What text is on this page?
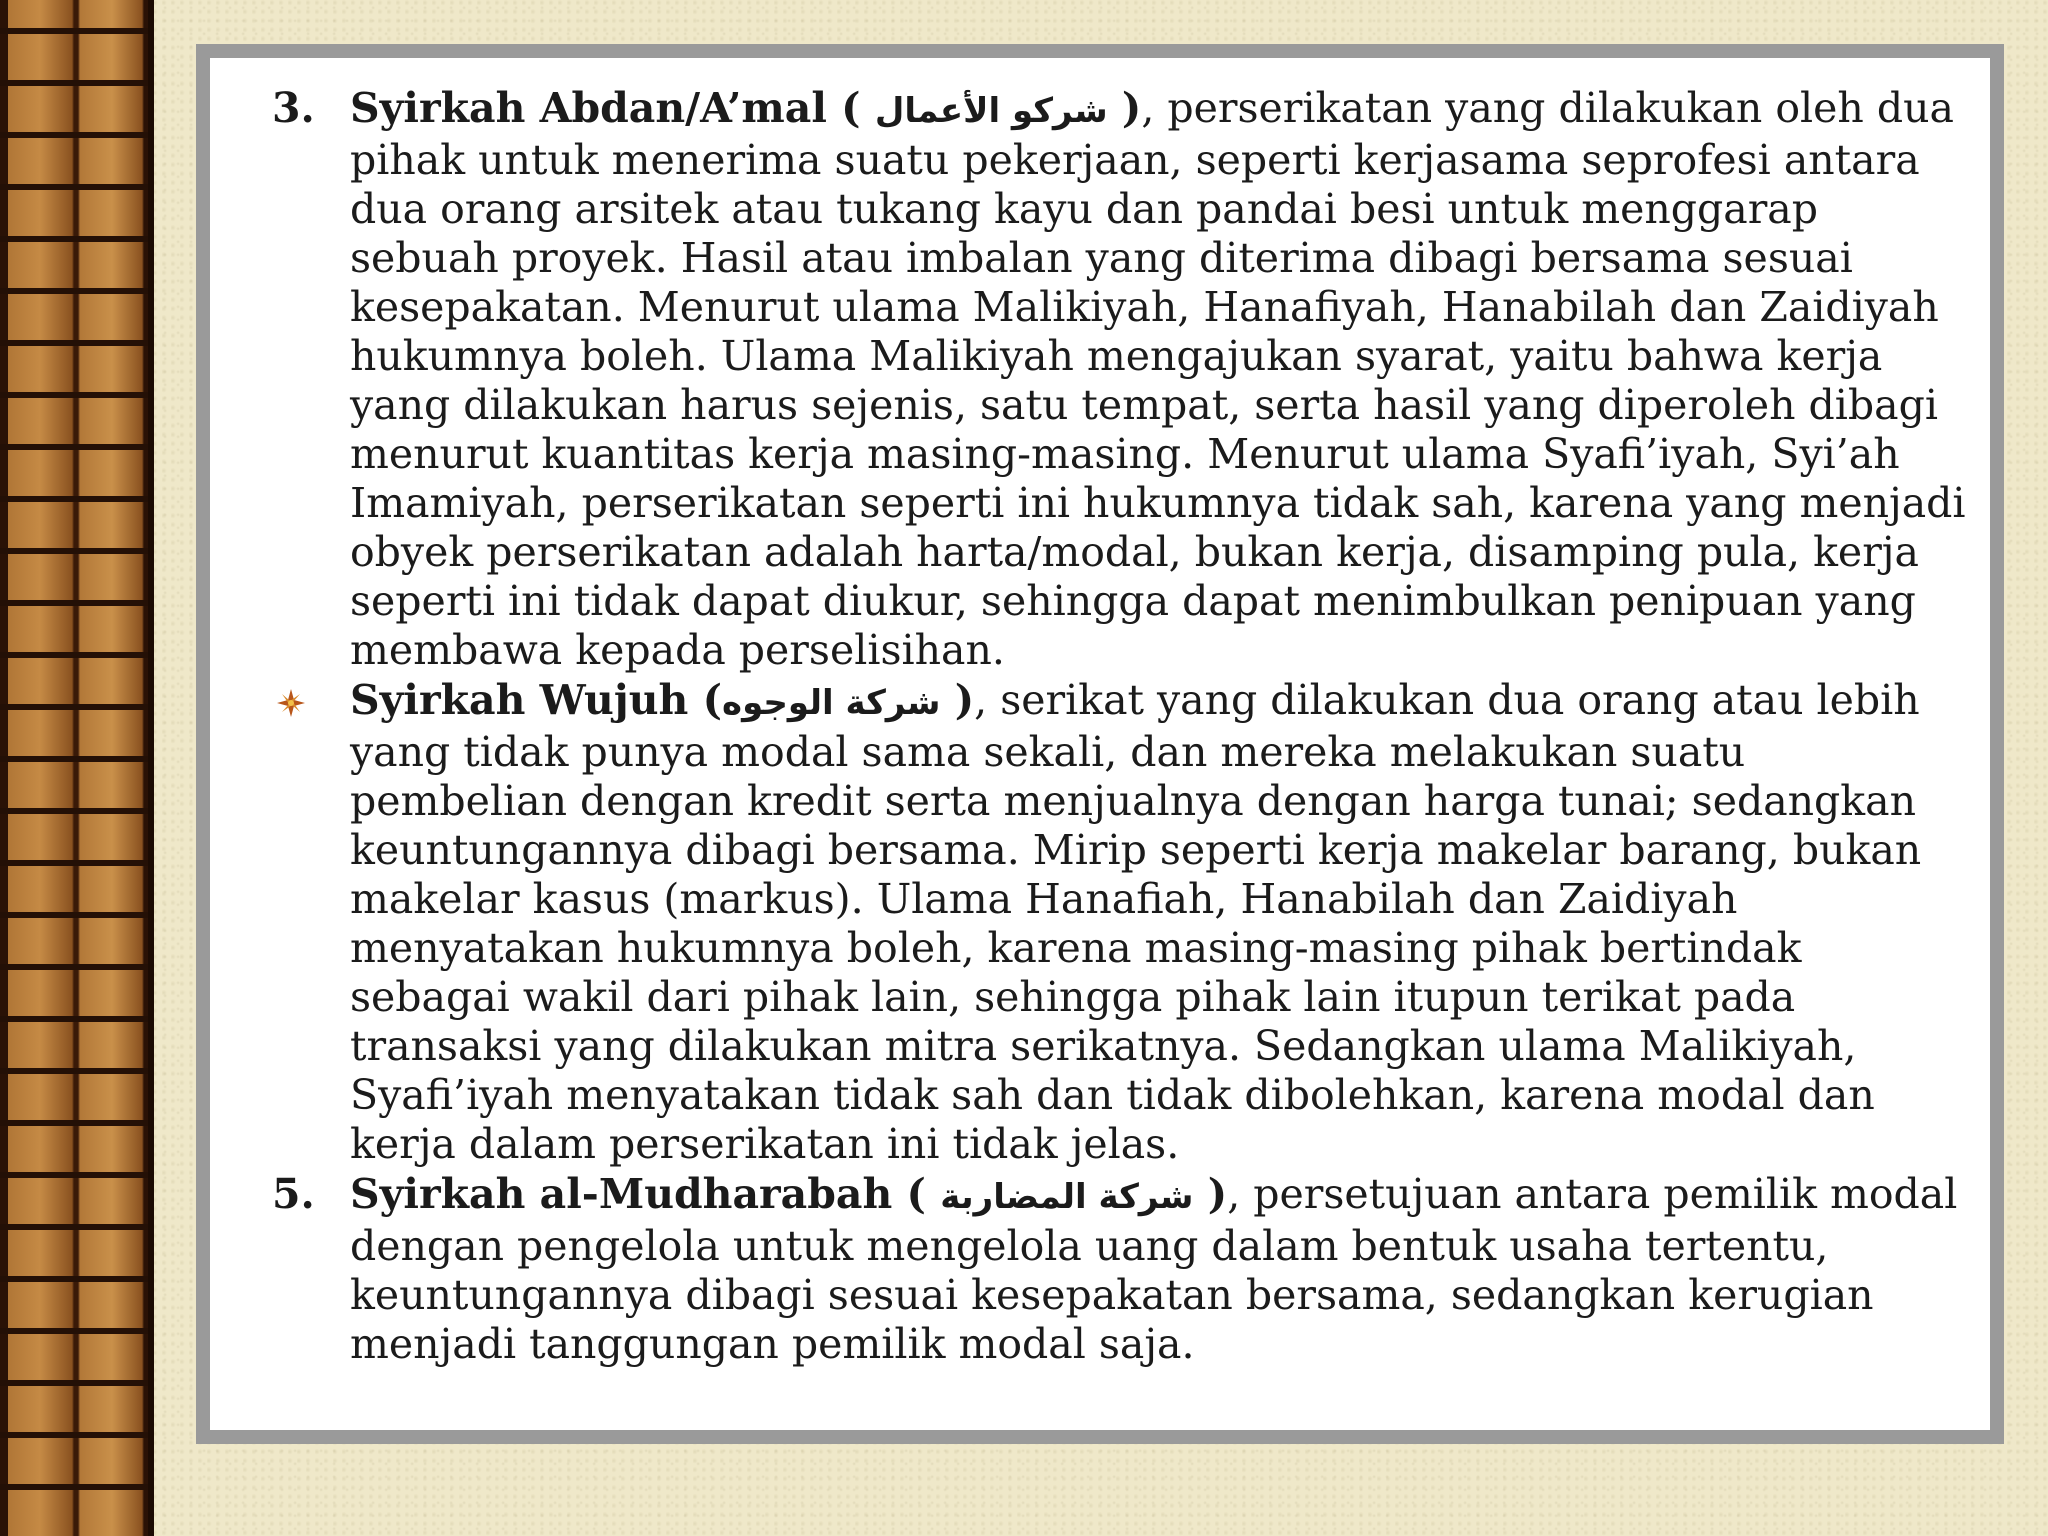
3. Syirkah Abdan/A’mal ( شركو الأعمال ), perserikatan yang dilakukan oleh dua pihak untuk menerima suatu pekerjaan, seperti kerjasama seprofesi antara dua orang arsitek atau tukang kayu dan pandai besi untuk menggarap sebuah proyek. Hasil atau imbalan yang diterima dibagi bersama sesuai kesepakatan. Menurut ulama Malikiyah, Hanafiyah, Hanabilah dan Zaidiyah hukumnya boleh. Ulama Malikiyah mengajukan syarat, yaitu bahwa kerja yang dilakukan harus sejenis, satu tempat, serta hasil yang diperoleh dibagi menurut kuantitas kerja masing-masing. Menurut ulama Syafi’iyah, Syi’ah Imamiyah, perserikatan seperti ini hukumnya tidak sah, karena yang menjadi obyek perserikatan adalah harta/modal, bukan kerja, disamping pula, kerja seperti ini tidak dapat diukur, sehingga dapat menimbulkan penipuan yang membawa kepada perselisihan.

Syirkah Wujuh (شركة الوجوه ), serikat yang dilakukan dua orang atau lebih yang tidak punya modal sama sekali, dan mereka melakukan suatu pembelian dengan kredit serta menjualnya dengan harga tunai; sedangkan keuntungannya dibagi bersama. Mirip seperti kerja makelar barang, bukan makelar kasus (markus). Ulama Hanafiah, Hanabilah dan Zaidiyah menyatakan hukumnya boleh, karena masing-masing pihak bertindak sebagai wakil dari pihak lain, sehingga pihak lain itupun terikat pada transaksi yang dilakukan mitra serikatnya. Sedangkan ulama Malikiyah, Syafi’iyah menyatakan tidak sah dan tidak dibolehkan, karena modal dan kerja dalam perserikatan ini tidak jelas.

5. Syirkah al-Mudharabah ( شركة المضاربة ), persetujuan antara pemilik modal dengan pengelola untuk mengelola uang dalam bentuk usaha tertentu, keuntungannya dibagi sesuai kesepakatan bersama, sedangkan kerugian menjadi tanggungan pemilik modal saja.
